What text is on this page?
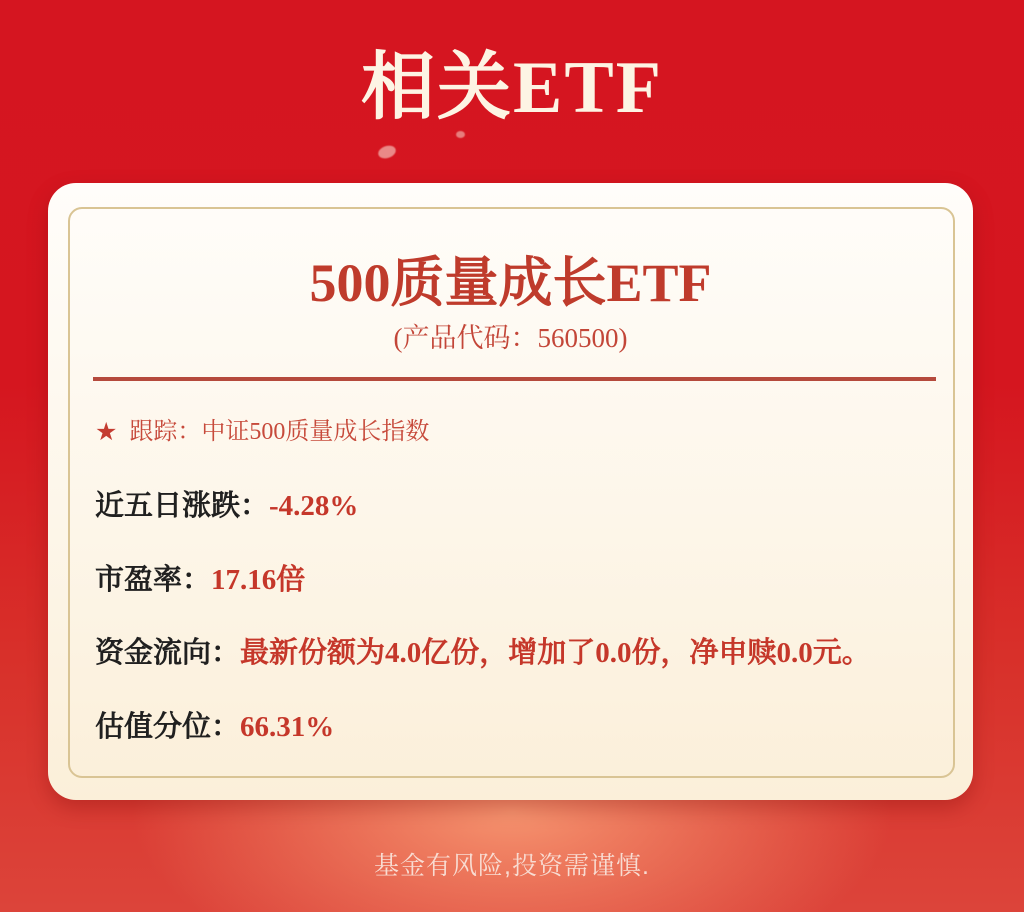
相关ETF
500质量成长ETF
(产品代码：560500)
★ 跟踪：中证500质量成长指数
近五日涨跌：-4.28%
市盈率：17.16倍
资金流向：最新份额为4.0亿份，增加了0.0份，净申赎0.0元。
估值分位：66.31%
基金有风险,投资需谨慎.
